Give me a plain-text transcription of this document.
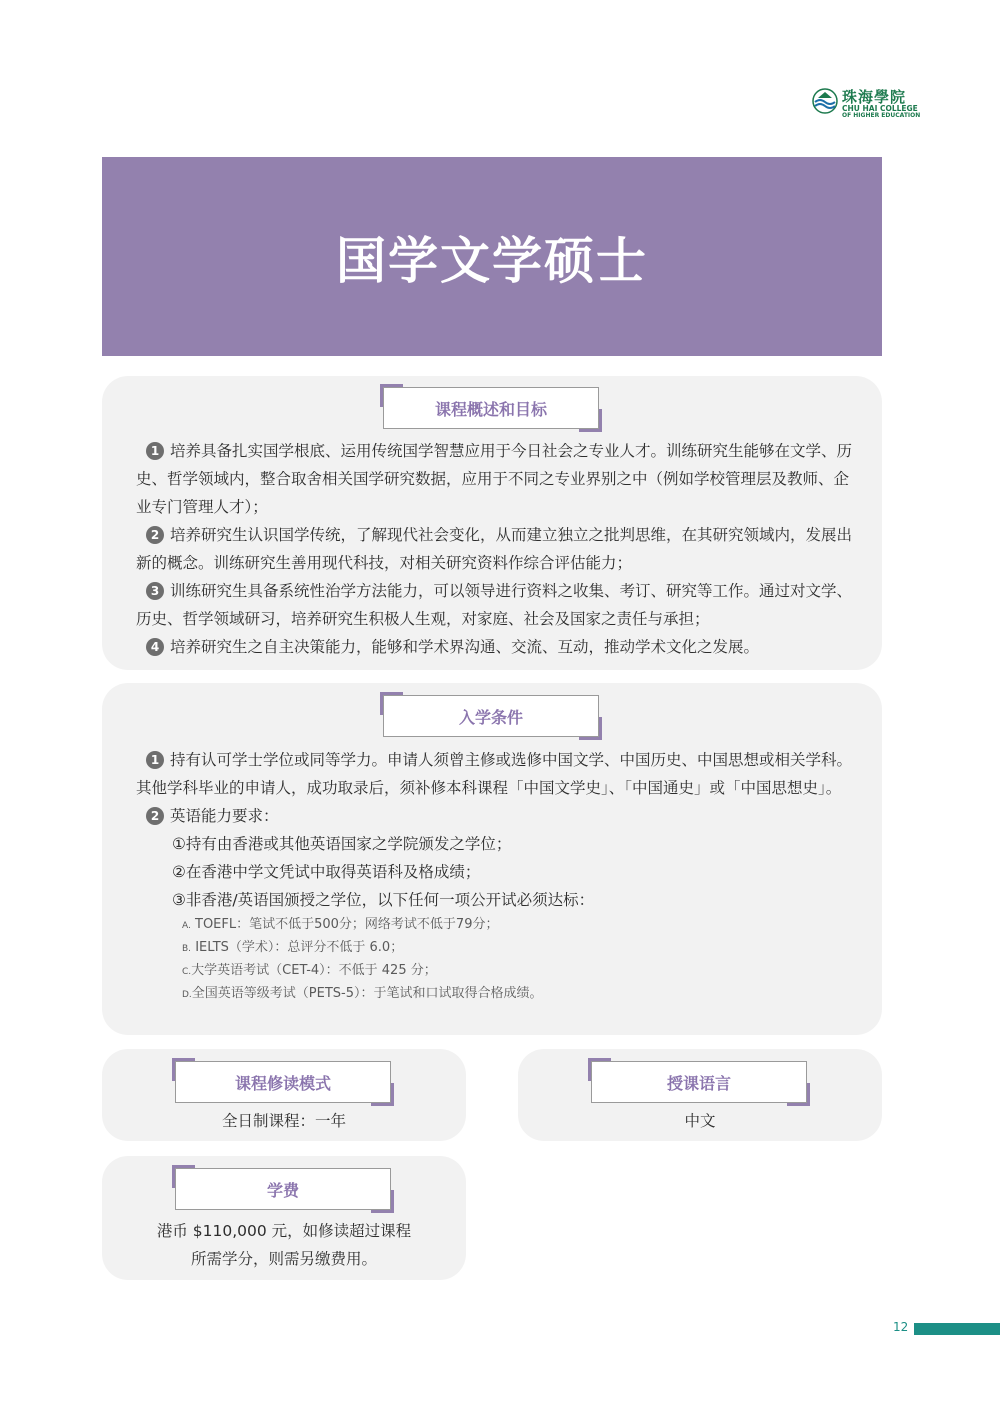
珠海學院
CHU HAI COLLEGE
OF HIGHER EDUCATION
国学文学硕士
课程概述和目标
1 培养具备扎实国学根底、运用传统国学智慧应用于今日社会之专业人才。训练研究生能够在文学、历史、哲学领域内，整合取舍相关国学研究数据，应用于不同之专业界别之中（例如学校管理层及教师、企业专门管理人才）；
2 培养研究生认识国学传统，了解现代社会变化，从而建立独立之批判思维，在其研究领域内，发展出新的概念。训练研究生善用现代科技，对相关研究资料作综合评估能力；
3 训练研究生具备系统性治学方法能力，可以领导进行资料之收集、考订、研究等工作。通过对文学、历史、哲学领域研习，培养研究生积极人生观，对家庭、社会及国家之责任与承担；
4 培养研究生之自主决策能力，能够和学术界沟通、交流、互动，推动学术文化之发展。
入学条件
1 持有认可学士学位或同等学力。申请人须曾主修或选修中国文学、中国历史、中国思想或相关学科。其他学科毕业的申请人，成功取录后，须补修本科课程「中国文学史」、「中国通史」或「中国思想史」。
2 英语能力要求：
①持有由香港或其他英语国家之学院颁发之学位；
②在香港中学文凭试中取得英语科及格成绩；
③非香港/英语国颁授之学位，以下任何一项公开试必须达标：
A. TOEFL：笔试不低于500分；网络考试不低于79分；
B. IELTS（学术）：总评分不低于 6.0；
C.大学英语考试（CET-4）：不低于 425 分；
D.全国英语等级考试（PETS-5）：于笔试和口试取得合格成绩。
课程修读模式
全日制课程：一年
授课语言
中文
学费
港币 $110,000 元，如修读超过课程
所需学分，则需另缴费用。
12
